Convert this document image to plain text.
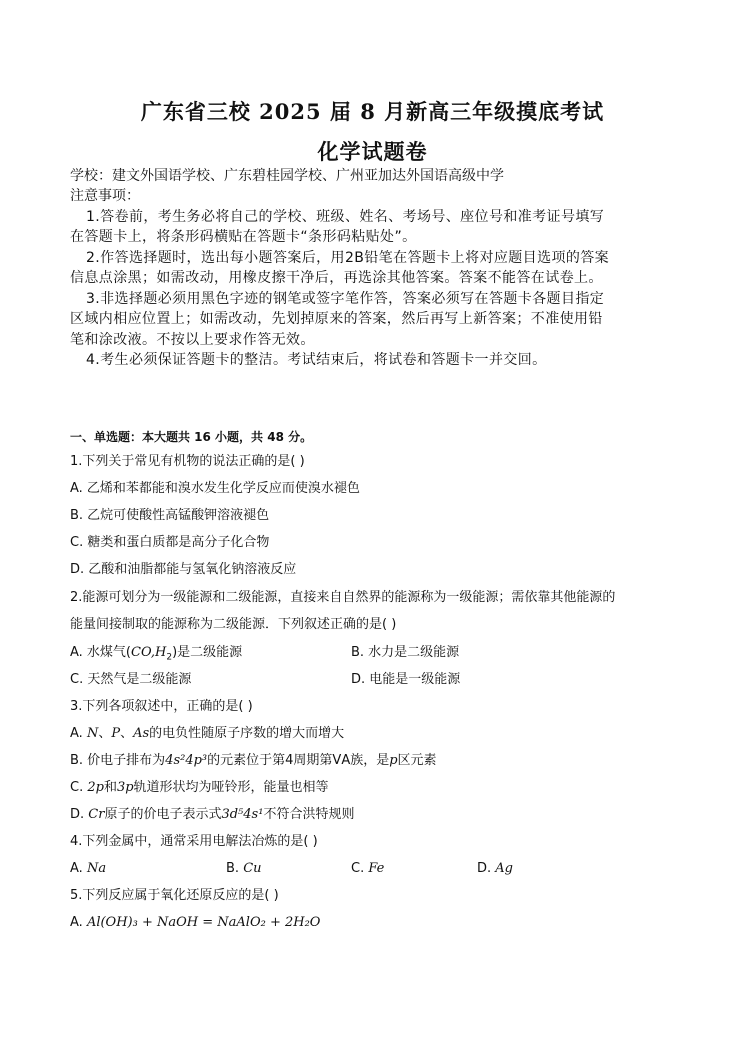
广东省三校 2025 届 8 月新高三年级摸底考试
化学试题卷
学校：建文外国语学校、广东碧桂园学校、广州亚加达外国语高级中学
注意事项：
1.答卷前，考生务必将自己的学校、班级、姓名、考场号、座位号和准考证号填写
在答题卡上，将条形码横贴在答题卡“条形码粘贴处”。
2.作答选择题时，选出每小题答案后，用2B铅笔在答题卡上将对应题目选项的答案
信息点涂黑；如需改动，用橡皮擦干净后，再选涂其他答案。答案不能答在试卷上。
3.非选择题必须用黑色字迹的钢笔或签字笔作答，答案必须写在答题卡各题目指定
区域内相应位置上；如需改动，先划掉原来的答案，然后再写上新答案；不准使用铅
笔和涂改液。不按以上要求作答无效。
4.考生必须保证答题卡的整洁。考试结束后，将试卷和答题卡一并交回。
一、单选题：本大题共 16 小题，共 48 分。
1.下列关于常见有机物的说法正确的是( )
A. 乙烯和苯都能和溴水发生化学反应而使溴水褪色
B. 乙烷可使酸性高锰酸钾溶液褪色
C. 糖类和蛋白质都是高分子化合物
D. 乙酸和油脂都能与氢氧化钠溶液反应
2.能源可划分为一级能源和二级能源，直接来自自然界的能源称为一级能源；需依靠其他能源的
能量间接制取的能源称为二级能源．下列叙述正确的是( )
A. 水煤气$(CO,H_2)$是二级能源	B. 水力是二级能源
C. 天然气是二级能源	D. 电能是一级能源
3.下列各项叙述中，正确的是( )
A. N、P、As的电负性随原子序数的增大而增大
B. 价电子排布为4s²4p³的元素位于第4周期第ⅤA族，是p区元素
C. 2p和3p轨道形状均为哑铃形，能量也相等
D. Cr原子的价电子表示式3d⁵4s¹不符合洪特规则
4.下列金属中，通常采用电解法冶炼的是( )
A. Na	B. Cu	C. Fe	D. Ag
5.下列反应属于氧化还原反应的是( )
A. Al(OH)₃ + NaOH = NaAlO₂ + 2H₂O
